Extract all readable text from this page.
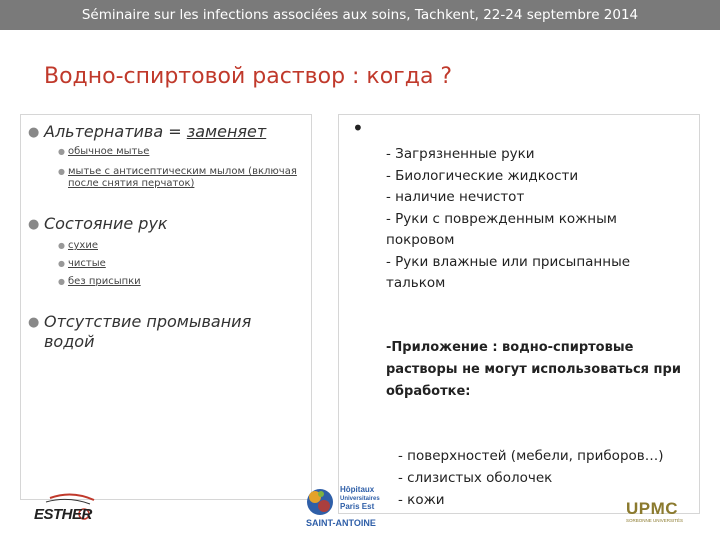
Séminaire sur les infections associées aux soins, Tachkent, 22-24 septembre 2014
Водно-спиртовой раствор : когда ?
● Альтернатива = заменяет
● обычное мытье
● мытье с антисептическим мылом (включая
после снятия перчаток)
● Состояние рук
● сухие
● чистые
● без присыпки
● Отсутствие промывания
водой
•
- Загрязненные руки
- Биологические жидкости
- наличие нечистот
- Руки с поврежденным кожным
покровом
- Руки влажные или присыпанные
тальком
-Приложение : водно-спиртовые
растворы не могут использоваться при
обработке:
- поверхностей (мебели, приборов…)
- слизистых оболочек
- кожи
ESTHER
Hôpitaux
Universitaires
Paris Est
SAINT-ANTOINE
UPMC
SORBONNE UNIVERSITÉS
